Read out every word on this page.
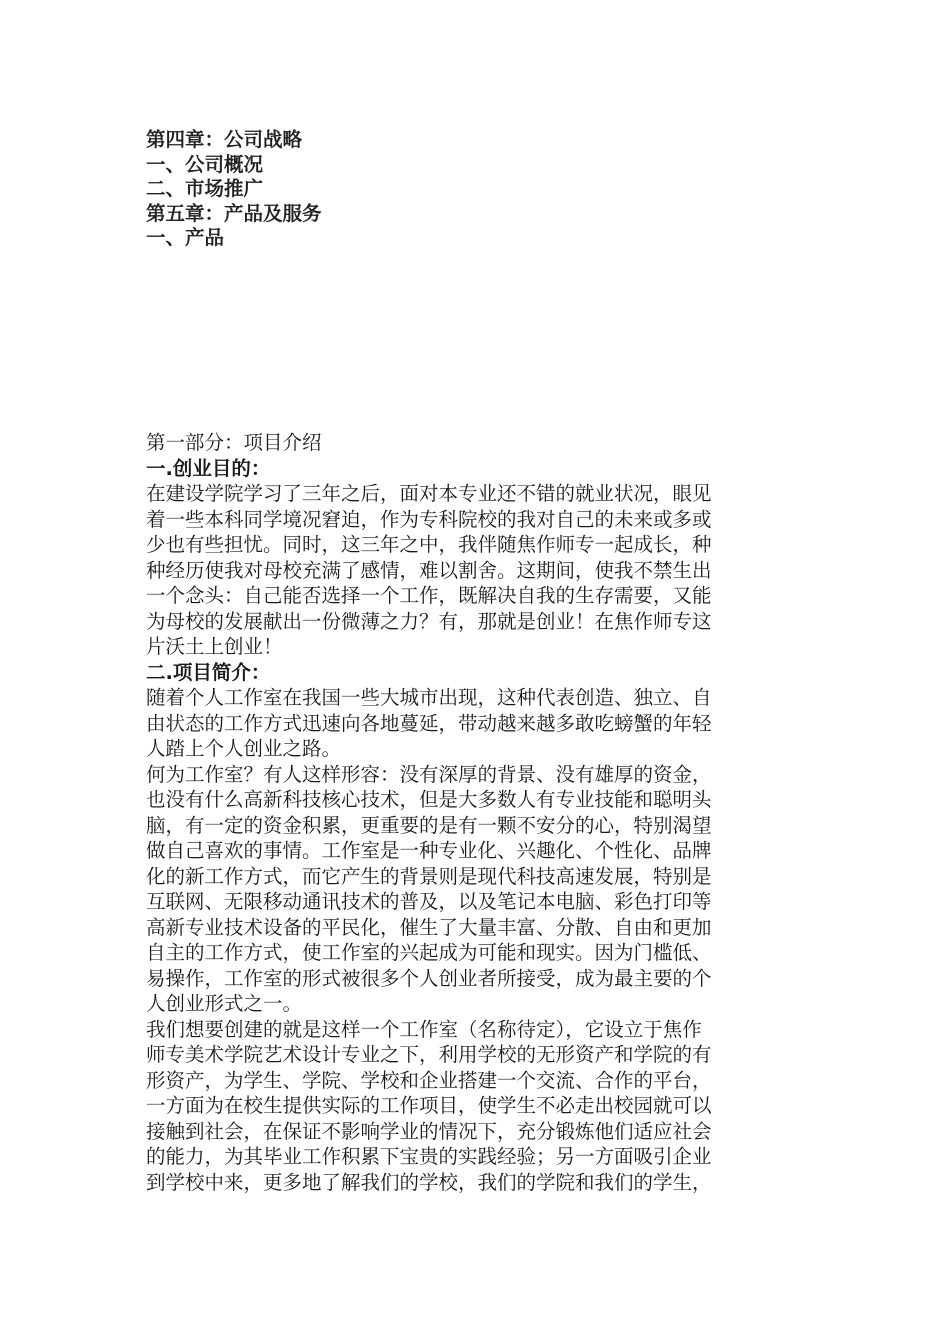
第四章：公司战略
一、公司概况
二、市场推广
第五章：产品及服务
一、产品
第一部分：项目介绍
一.创业目的：
在建设学院学习了三年之后，面对本专业还不错的就业状况，眼见
着一些本科同学境况窘迫，作为专科院校的我对自己的未来或多或
少也有些担忧。同时，这三年之中，我伴随焦作师专一起成长，种
种经历使我对母校充满了感情，难以割舍。这期间，使我不禁生出
一个念头：自己能否选择一个工作，既解决自我的生存需要，又能
为母校的发展献出一份微薄之力？有，那就是创业！在焦作师专这
片沃土上创业！
二.项目简介：
随着个人工作室在我国一些大城市出现，这种代表创造、独立、自
由状态的工作方式迅速向各地蔓延，带动越来越多敢吃螃蟹的年轻
人踏上个人创业之路。
何为工作室？有人这样形容：没有深厚的背景、没有雄厚的资金，
也没有什么高新科技核心技术，但是大多数人有专业技能和聪明头
脑，有一定的资金积累，更重要的是有一颗不安分的心，特别渴望
做自己喜欢的事情。工作室是一种专业化、兴趣化、个性化、品牌
化的新工作方式，而它产生的背景则是现代科技高速发展，特别是
互联网、无限移动通讯技术的普及，以及笔记本电脑、彩色打印等
高新专业技术设备的平民化，催生了大量丰富、分散、自由和更加
自主的工作方式，使工作室的兴起成为可能和现实。因为门槛低、
易操作，工作室的形式被很多个人创业者所接受，成为最主要的个
人创业形式之一。
我们想要创建的就是这样一个工作室（名称待定），它设立于焦作
师专美术学院艺术设计专业之下，利用学校的无形资产和学院的有
形资产，为学生、学院、学校和企业搭建一个交流、合作的平台，
一方面为在校生提供实际的工作项目，使学生不必走出校园就可以
接触到社会，在保证不影响学业的情况下，充分锻炼他们适应社会
的能力，为其毕业工作积累下宝贵的实践经验；另一方面吸引企业
到学校中来，更多地了解我们的学校，我们的学院和我们的学生，
